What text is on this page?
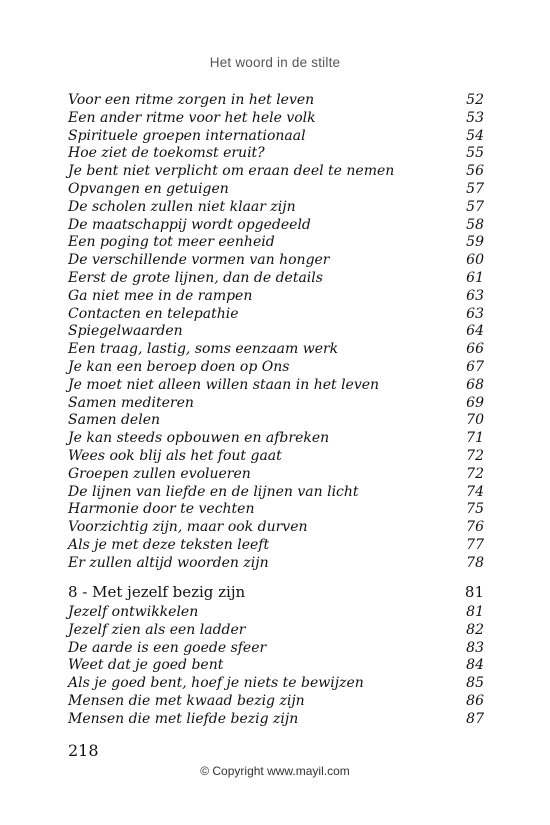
Het woord in de stilte
Voor een ritme zorgen in het leven	52
Een ander ritme voor het hele volk	53
Spirituele groepen internationaal	54
Hoe ziet de toekomst eruit?	55
Je bent niet verplicht om eraan deel te nemen	56
Opvangen en getuigen	57
De scholen zullen niet klaar zijn	57
De maatschappij wordt opgedeeld	58
Een poging tot meer eenheid	59
De verschillende vormen van honger	60
Eerst de grote lijnen, dan de details	61
Ga niet mee in de rampen	63
Contacten en telepathie	63
Spiegelwaarden	64
Een traag, lastig, soms eenzaam werk	66
Je kan een beroep doen op Ons	67
Je moet niet alleen willen staan in het leven	68
Samen mediteren	69
Samen delen	70
Je kan steeds opbouwen en afbreken	71
Wees ook blij als het fout gaat	72
Groepen zullen evolueren	72
De lijnen van liefde en de lijnen van licht	74
Harmonie door te vechten	75
Voorzichtig zijn, maar ook durven	76
Als je met deze teksten leeft	77
Er zullen altijd woorden zijn	78
8 - Met jezelf bezig zijn	81
Jezelf ontwikkelen	81
Jezelf zien als een ladder	82
De aarde is een goede sfeer	83
Weet dat je goed bent	84
Als je goed bent, hoef je niets te bewijzen	85
Mensen die met kwaad bezig zijn	86
Mensen die met liefde bezig zijn	87
218
© Copyright www.mayil.com
